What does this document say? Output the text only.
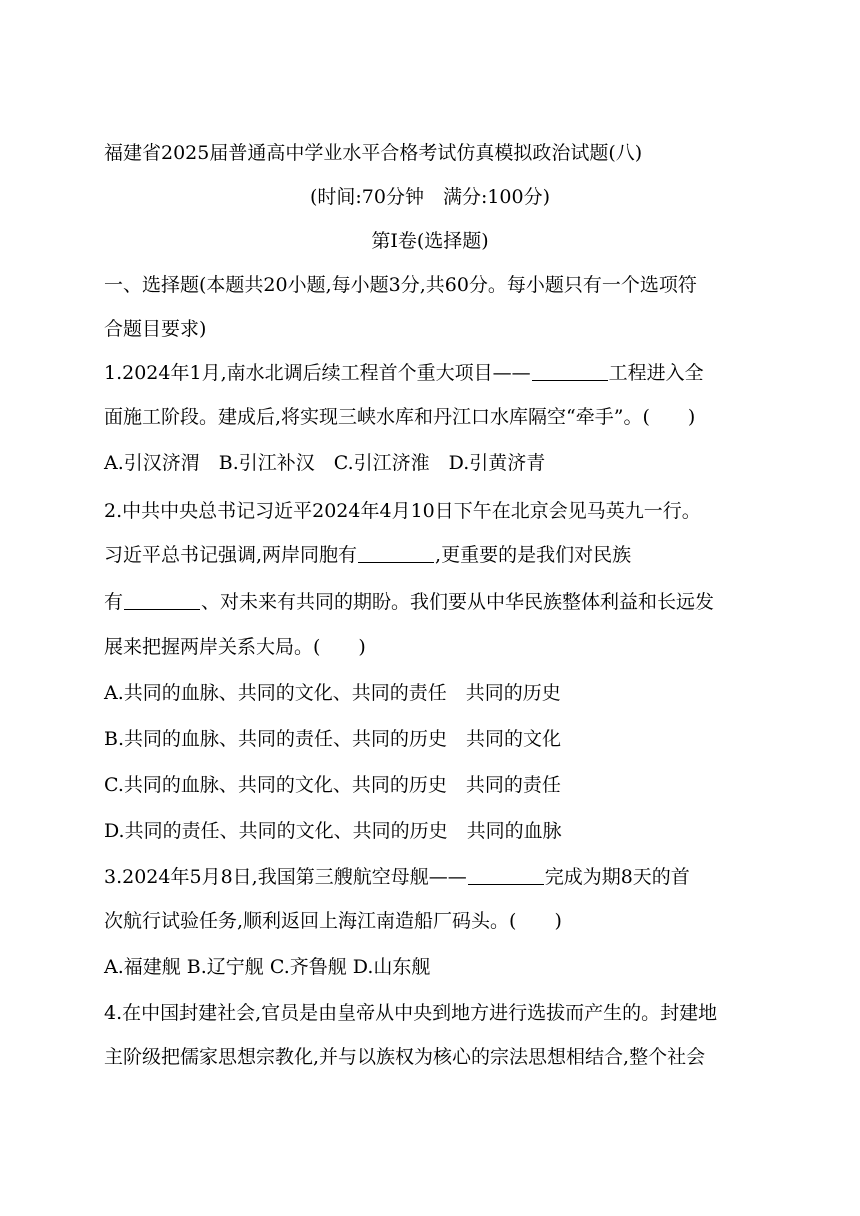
福建省2025届普通高中学业水平合格考试仿真模拟政治试题(八)
(时间:70分钟　满分:100分)
第Ⅰ卷(选择题)
一、选择题(本题共20小题,每小题3分,共60分。每小题只有一个选项符
合题目要求)
1.2024年1月,南水北调后续工程首个重大项目——	工程进入全
面施工阶段。建成后,将实现三峡水库和丹江口水库隔空“牵手”。(　　)
A.引汉济渭　B.引江补汉　C.引江济淮　D.引黄济青
2.中共中央总书记习近平2024年4月10日下午在北京会见马英九一行。
习近平总书记强调,两岸同胞有	,更重要的是我们对民族
有	、对未来有共同的期盼。我们要从中华民族整体利益和长远发
展来把握两岸关系大局。(　　)
A.共同的血脉、共同的文化、共同的责任　共同的历史
B.共同的血脉、共同的责任、共同的历史　共同的文化
C.共同的血脉、共同的文化、共同的历史　共同的责任
D.共同的责任、共同的文化、共同的历史　共同的血脉
3.2024年5月8日,我国第三艘航空母舰——	完成为期8天的首
次航行试验任务,顺利返回上海江南造船厂码头。(　　)
A.福建舰 B.辽宁舰 C.齐鲁舰 D.山东舰
4.在中国封建社会,官员是由皇帝从中央到地方进行选拔而产生的。封建地
主阶级把儒家思想宗教化,并与以族权为核心的宗法思想相结合,整个社会
